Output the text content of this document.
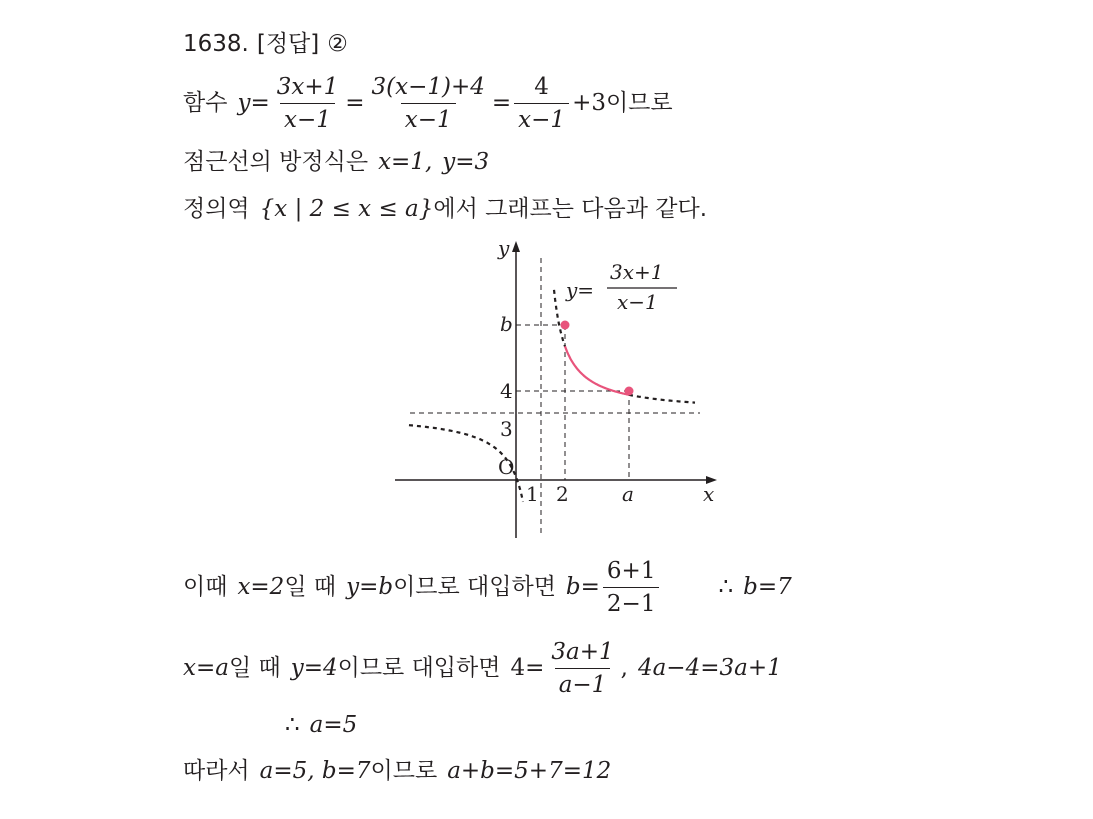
1638. [정답] ②
함수 $y = \frac{3x+1}{x-1} = \frac{3(x-1)+4}{x-1} = \frac{4}{x-1} +3$ 이므로
점근선의 방정식은 x=1, y=3
정의역 {x | 2 ≤ x ≤ a} 에서 그래프는 다음과 같다.
y
x
O
b
4
3
1 2	a
y=
3x+1
x−1
이때 x=2 일 때 y=b 이므로 대입하면 $b= \frac{6+1}{2-1}$	∴ b=7
x=a 일 때 y=4 이므로 대입하면 $4= \frac{3a+1}{a-1}$ , 4a−4=3a+1
∴ a=5
따라서 a=5, b=7 이므로 a+b=5+7=12
